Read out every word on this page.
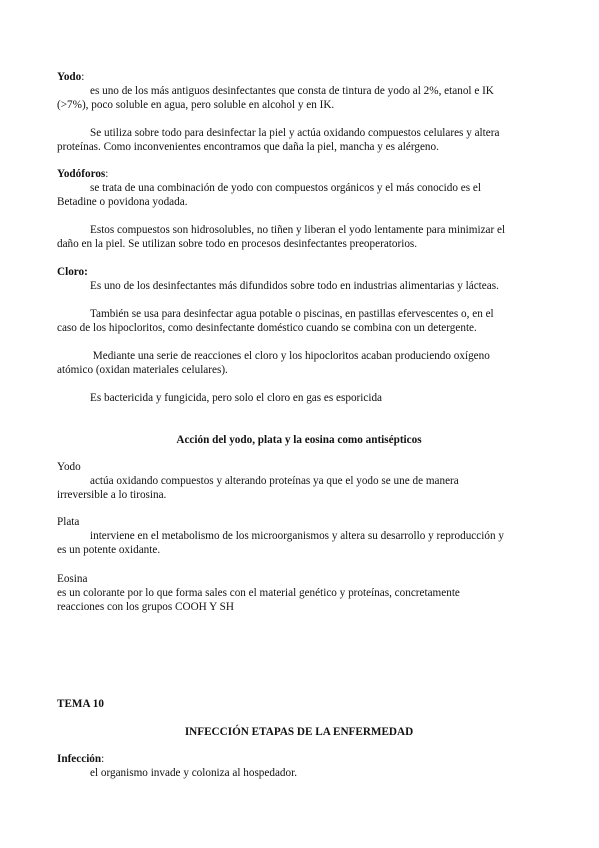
Yodo:

es uno de los más antiguos desinfectantes que consta de tintura de yodo al 2%, etanol e IK
(>7%), poco soluble en agua, pero soluble en alcohol y en IK.

Se utiliza sobre todo para desinfectar la piel y actúa oxidando compuestos celulares y altera
proteínas. Como inconvenientes encontramos que daña la piel, mancha y es alérgeno.

Yodóforos:

se trata de una combinación de yodo con compuestos orgánicos y el más conocido es el
Betadine o povidona yodada.

Estos compuestos son hidrosolubles, no tiñen y liberan el yodo lentamente para minimizar el
daño en la piel. Se utilizan sobre todo en procesos desinfectantes preoperatorios.

Cloro:

Es uno de los desinfectantes más difundidos sobre todo en industrias alimentarias y lácteas.

También se usa para desinfectar agua potable o piscinas, en pastillas efervescentes o, en el
caso de los hipocloritos, como desinfectante doméstico cuando se combina con un detergente.

Mediante una serie de reacciones el cloro y los hipocloritos acaban produciendo oxígeno
atómico (oxidan materiales celulares).

Es bactericida y fungicida, pero solo el cloro en gas es esporicida

Acción del yodo, plata y la eosina como antisépticos

Yodo

actúa oxidando compuestos y alterando proteínas ya que el yodo se une de manera
irreversible a lo tirosina.

Plata

interviene en el metabolismo de los microorganismos y altera su desarrollo y reproducción y
es un potente oxidante.

Eosina

es un colorante por lo que forma sales con el material genético y proteínas, concretamente
reacciones con los grupos COOH Y SH

TEMA 10

INFECCIÓN ETAPAS DE LA ENFERMEDAD

Infección:

el organismo invade y coloniza al hospedador.
